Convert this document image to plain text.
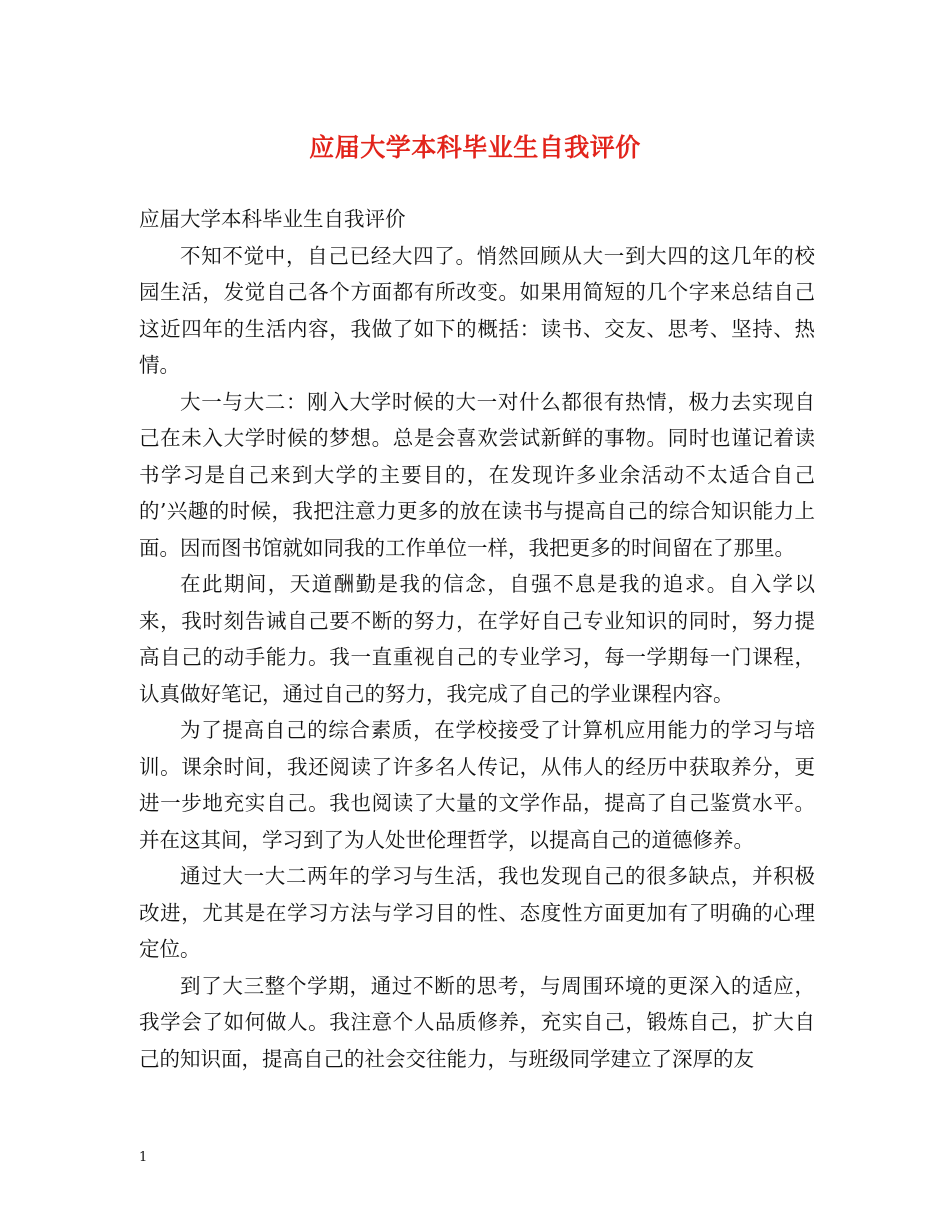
应届大学本科毕业生自我评价

应届大学本科毕业生自我评价

不知不觉中，自己已经大四了。悄然回顾从大一到大四的这几年的校园生活，发觉自己各个方面都有所改变。如果用简短的几个字来总结自己这近四年的生活内容，我做了如下的概括：读书、交友、思考、坚持、热情。

大一与大二：刚入大学时候的大一对什么都很有热情，极力去实现自己在未入大学时候的梦想。总是会喜欢尝试新鲜的事物。同时也谨记着读书学习是自己来到大学的主要目的，在发现许多业余活动不太适合自己的’兴趣的时候，我把注意力更多的放在读书与提高自己的综合知识能力上面。因而图书馆就如同我的工作单位一样，我把更多的时间留在了那里。

在此期间，天道酬勤是我的信念，自强不息是我的追求。自入学以来，我时刻告诫自己要不断的努力，在学好自己专业知识的同时，努力提高自己的动手能力。我一直重视自己的专业学习，每一学期每一门课程，认真做好笔记，通过自己的努力，我完成了自己的学业课程内容。

为了提高自己的综合素质，在学校接受了计算机应用能力的学习与培训。课余时间，我还阅读了许多名人传记，从伟人的经历中获取养分，更进一步地充实自己。我也阅读了大量的文学作品，提高了自己鉴赏水平。并在这其间，学习到了为人处世伦理哲学，以提高自己的道德修养。

通过大一大二两年的学习与生活，我也发现自己的很多缺点，并积极改进，尤其是在学习方法与学习目的性、态度性方面更加有了明确的心理定位。

到了大三整个学期，通过不断的思考，与周围环境的更深入的适应，我学会了如何做人。我注意个人品质修养，充实自己，锻炼自己，扩大自己的知识面，提高自己的社会交往能力，与班级同学建立了深厚的友

1
